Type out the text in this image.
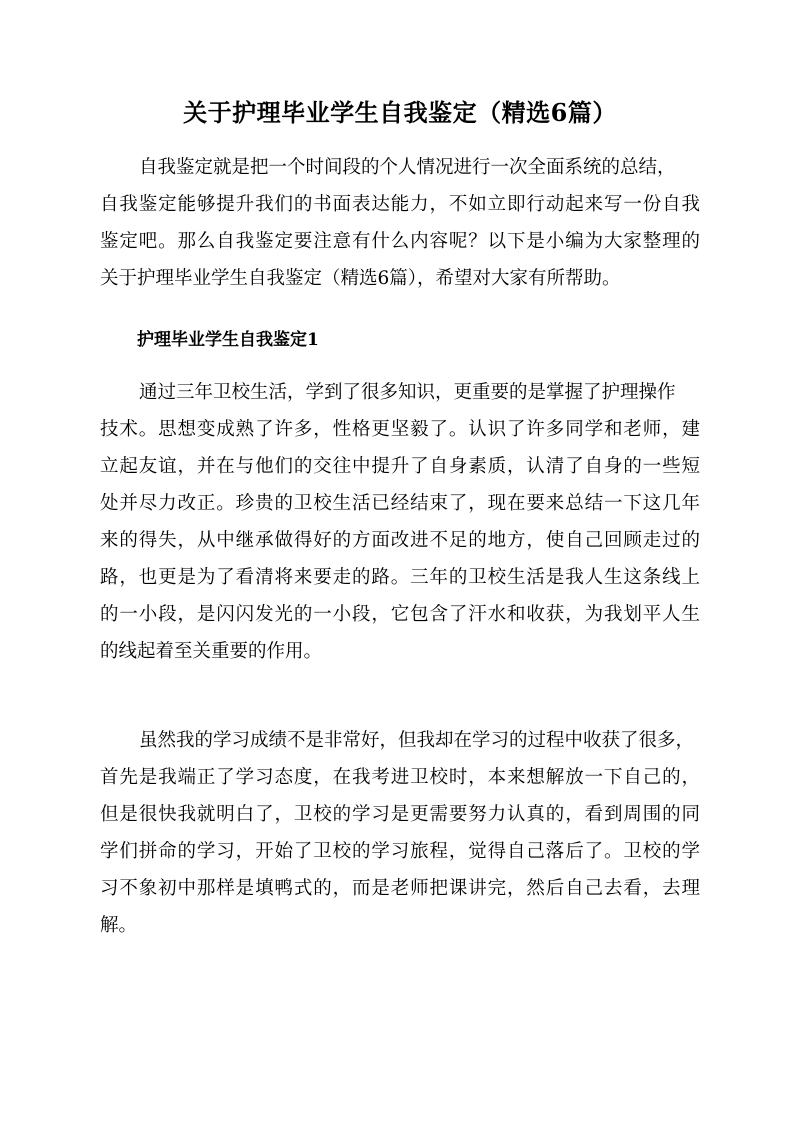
关于护理毕业学生自我鉴定（精选6篇）
自我鉴定就是把一个时间段的个人情况进行一次全面系统的总结，
自我鉴定能够提升我们的书面表达能力，不如立即行动起来写一份自我
鉴定吧。那么自我鉴定要注意有什么内容呢？以下是小编为大家整理的
关于护理毕业学生自我鉴定（精选6篇），希望对大家有所帮助。
护理毕业学生自我鉴定1
通过三年卫校生活，学到了很多知识，更重要的是掌握了护理操作
技术。思想变成熟了许多，性格更坚毅了。认识了许多同学和老师，建
立起友谊，并在与他们的交往中提升了自身素质，认清了自身的一些短
处并尽力改正。珍贵的卫校生活已经结束了，现在要来总结一下这几年
来的得失，从中继承做得好的方面改进不足的地方，使自己回顾走过的
路，也更是为了看清将来要走的路。三年的卫校生活是我人生这条线上
的一小段，是闪闪发光的一小段，它包含了汗水和收获，为我划平人生
的线起着至关重要的作用。
虽然我的学习成绩不是非常好，但我却在学习的过程中收获了很多，
首先是我端正了学习态度，在我考进卫校时，本来想解放一下自己的，
但是很快我就明白了，卫校的学习是更需要努力认真的，看到周围的同
学们拼命的学习，开始了卫校的学习旅程，觉得自己落后了。卫校的学
习不象初中那样是填鸭式的，而是老师把课讲完，然后自己去看，去理
解。
